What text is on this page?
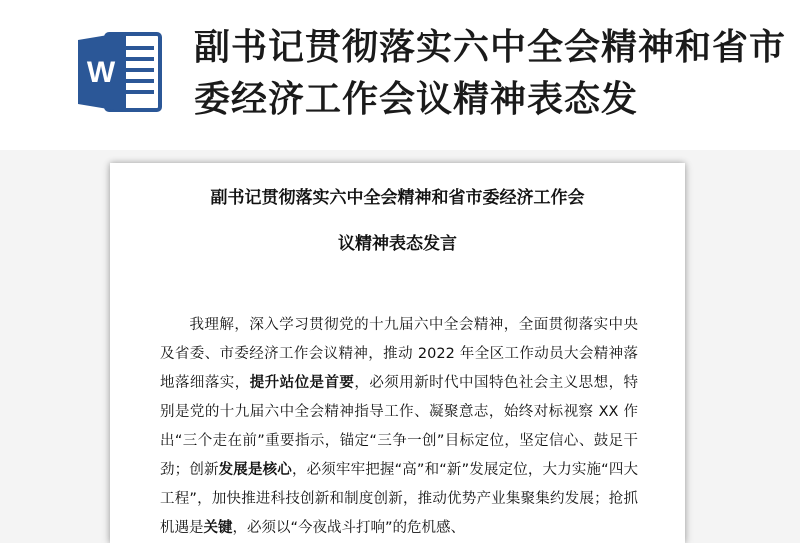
W
副书记贯彻落实六中全会精神和省市委经济工作会议精神表态发
副书记贯彻落实六中全会精神和省市委经济工作会
议精神表态发言
我理解，深入学习贯彻党的十九届六中全会精神，全面贯彻落实中央及省委、市委经济工作会议精神，推动 2022 年全区工作动员大会精神落地落细落实，提升站位是首要，必须用新时代中国特色社会主义思想，特别是党的十九届六中全会精神指导工作、凝聚意志，始终对标视察 XX 作出“三个走在前”重要指示，锚定“三争一创”目标定位，坚定信心、鼓足干劲；创新发展是核心，必须牢牢把握“高”和“新”发展定位，大力实施“四大工程”，加快推进科技创新和制度创新，推动优势产业集聚集约发展；抢抓机遇是关键，必须以“今夜战斗打响”的危机感、
